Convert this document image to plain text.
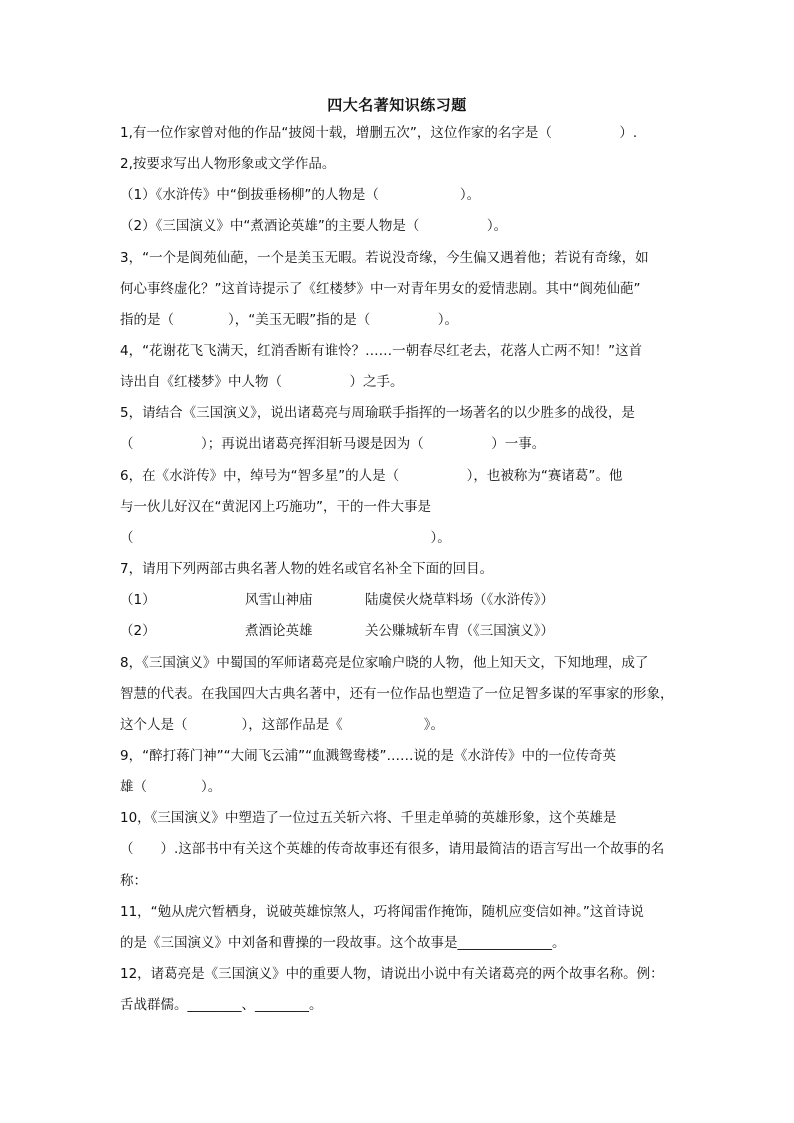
四大名著知识练习题
1,有一位作家曾对他的作品“披阅十载，增删五次”，这位作家的名字是（　　　　　）.
2,按要求写出人物形象或文学作品。
（1）《水浒传》中“倒拔垂杨柳”的人物是（　　　　　　）。
（2）《三国演义》中“煮酒论英雄”的主要人物是（　　　　　）。
3，“一个是阆苑仙葩，一个是美玉无暇。若说没奇缘，今生偏又遇着他；若说有奇缘，如
何心事终虚化？”这首诗提示了《红楼梦》中一对青年男女的爱情悲剧。其中“阆苑仙葩”
指的是（　　　　），“美玉无暇”指的是（　　　　　）。
4，“花谢花飞飞满天，红消香断有谁怜？……一朝春尽红老去，花落人亡两不知！”这首
诗出自《红楼梦》中人物（　　　　　）之手。
5，请结合《三国演义》，说出诸葛亮与周瑜联手指挥的一场著名的以少胜多的战役，是
（　　　　　）；再说出诸葛亮挥泪斩马谡是因为（　　　　　）一事。
6，在《水浒传》中，绰号为“智多星”的人是（　　　　　），也被称为“赛诸葛”。他
与一伙儿好汉在“黄泥冈上巧施功”，干的一件大事是
（　　　　　　　　　　　　　　　　　　　　　　）。
7，请用下列两部古典名著人物的姓名或官名补全下面的回目。
（1）	风雪山神庙	陆虞侯火烧草料场（《水浒传》）
（2）	煮酒论英雄	关公赚城斩车胄（《三国演义》）
8，《三国演义》中蜀国的军师诸葛亮是位家喻户晓的人物，他上知天文，下知地理，成了
智慧的代表。在我国四大古典名著中，还有一位作品也塑造了一位足智多谋的军事家的形象，
这个人是（　　　　），这部作品是《　　　　　　》。
9，“醉打蒋门神”“大闹飞云浦”“血溅鸳鸯楼”……说的是《水浒传》中的一位传奇英
雄（　　　　）。
10，《三国演义》中塑造了一位过五关斩六将、千里走单骑的英雄形象，这个英雄是
（　　）.这部书中有关这个英雄的传奇故事还有很多，请用最简洁的语言写出一个故事的名
称：
11，“勉从虎穴暂栖身，说破英雄惊煞人，巧将闻雷作掩饰，随机应变信如神。”这首诗说
的是《三国演义》中刘备和曹操的一段故事。这个故事是______________。
12，诸葛亮是《三国演义》中的重要人物，请说出小说中有关诸葛亮的两个故事名称。例：
舌战群儒。________、________。
